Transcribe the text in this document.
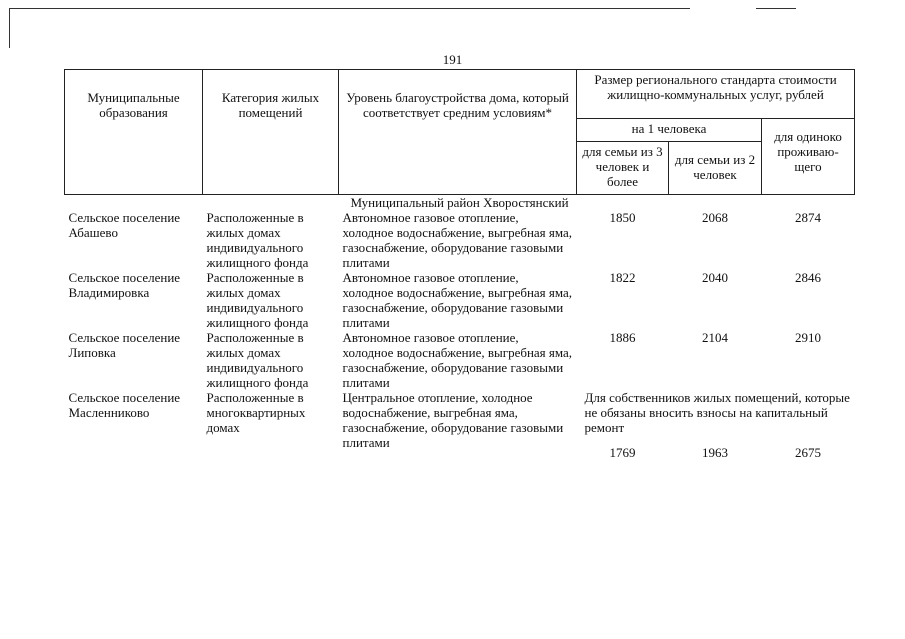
191
Муниципальные образования	Категория жилых помещений	Уровень благоустройства дома, который соответствует средним условиям*	Размер регионального стандарта стоимости жилищно-коммунальных услуг, рублей		
			на 1 человека		для одиноко проживаю-щего
			для семьи из 3 человек и более	для семьи из 2 человек	
Муниципальный район Хворостянский					
Сельское поселение Абашево	Расположенные в жилых домах индивидуального жилищного фонда	Автономное газовое отопление, холодное водоснабжение, выгребная яма, газоснабжение, оборудование газовыми плитами	1850	2068	2874
Сельское поселение Владимировка	Расположенные в жилых домах индивидуального жилищного фонда	Автономное газовое отопление, холодное водоснабжение, выгребная яма, газоснабжение, оборудование газовыми плитами	1822	2040	2846
Сельское поселение Липовка	Расположенные в жилых домах индивидуального жилищного фонда	Автономное газовое отопление, холодное водоснабжение, выгребная яма, газоснабжение, оборудование газовыми плитами	1886	2104	2910
Сельское поселение Масленниково	Расположенные в многоквартирных домах	Центральное отопление, холодное водоснабжение, выгребная яма, газоснабжение, оборудование газовыми плитами	Для собственников жилых помещений, которые не обязаны вносить взносы на капитальный ремонт		
			1769	1963	2675
